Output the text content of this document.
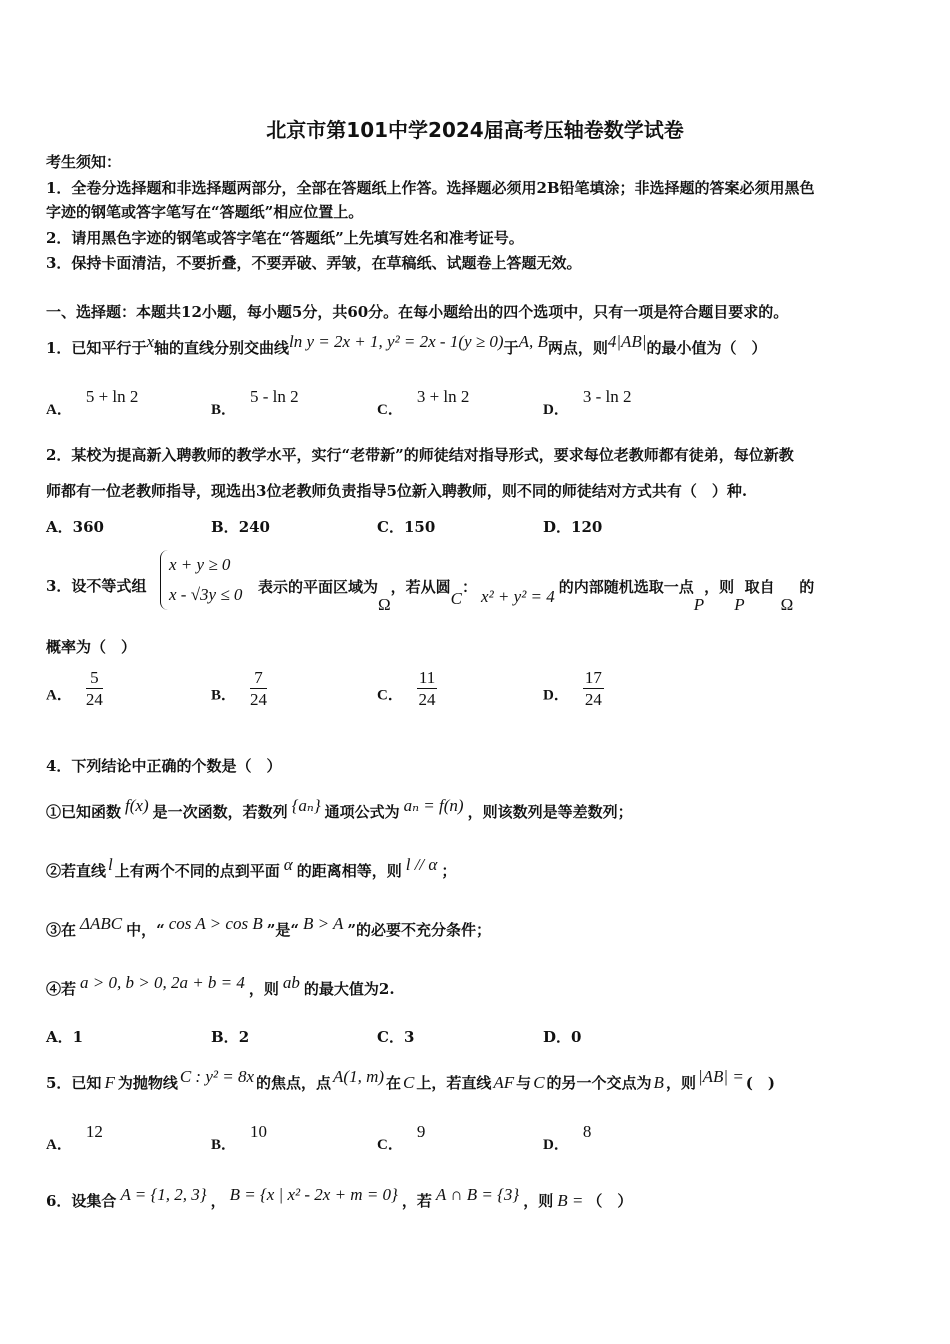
北京市第101中学2024届高考压轴卷数学试卷
考生须知：
1．全卷分选择题和非选择题两部分，全部在答题纸上作答。选择题必须用2B铅笔填涂；非选择题的答案必须用黑色
字迹的钢笔或答字笔写在“答题纸”相应位置上。
2．请用黑色字迹的钢笔或答字笔在“答题纸”上先填写姓名和准考证号。
3．保持卡面清洁，不要折叠，不要弄破、弄皱，在草稿纸、试题卷上答题无效。
一、选择题：本题共12小题，每小题5分，共60分。在每小题给出的四个选项中，只有一项是符合题目要求的。
1．已知平行于x轴的直线分别交曲线ln y = 2x + 1, y² = 2x - 1(y ≥ 0)于A, B两点，则4|AB|的最小值为（　）
A．5 + ln 2
B．5 - ln 2
C．3 + ln 2
D．3 - ln 2
2．某校为提高新入聘教师的教学水平，实行“老带新”的师徒结对指导形式，要求每位老教师都有徒弟，每位新教
师都有一位老教师指导，现选出3位老教师负责指导5位新入聘教师，则不同的师徒结对方式共有（　）种.
A．360	B．240	C．150	D．120
3．设不等式组
x + y ≥ 0
x - √3y ≤ 0 表示的平面区域为Ω，若从圆C： x² + y² = 4 的内部随机选取一点P，则P取自Ω的
概率为（　）
A． $\frac{5}{24}$	B． $\frac{7}{24}$	C． $\frac{11}{24}$	D． $\frac{17}{24}$
4．下列结论中正确的个数是（　）
①已知函数 f(x) 是一次函数，若数列 {aₙ} 通项公式为 aₙ = f(n) ，则该数列是等差数列；
②若直线 l 上有两个不同的点到平面 α 的距离相等，则 l // α ；
③在 ΔABC 中，“ cos A > cos B ”是“ B > A ”的必要不充分条件；
④若 a > 0, b > 0, 2a + b = 4 ，则 ab 的最大值为2.
A．1	B．2	C．3	D．0
5．已知 F 为抛物线 C : y² = 8x 的焦点，点 A(1, m) 在 C 上，若直线 AF 与 C 的另一个交点为 B ，则 |AB| = (　)
A．12
B．10
C．9
D．8
6．设集合 A = {1, 2, 3} ， B = {x | x² - 2x + m = 0} ，若 A ∩ B = {3} ，则 B = （　）
